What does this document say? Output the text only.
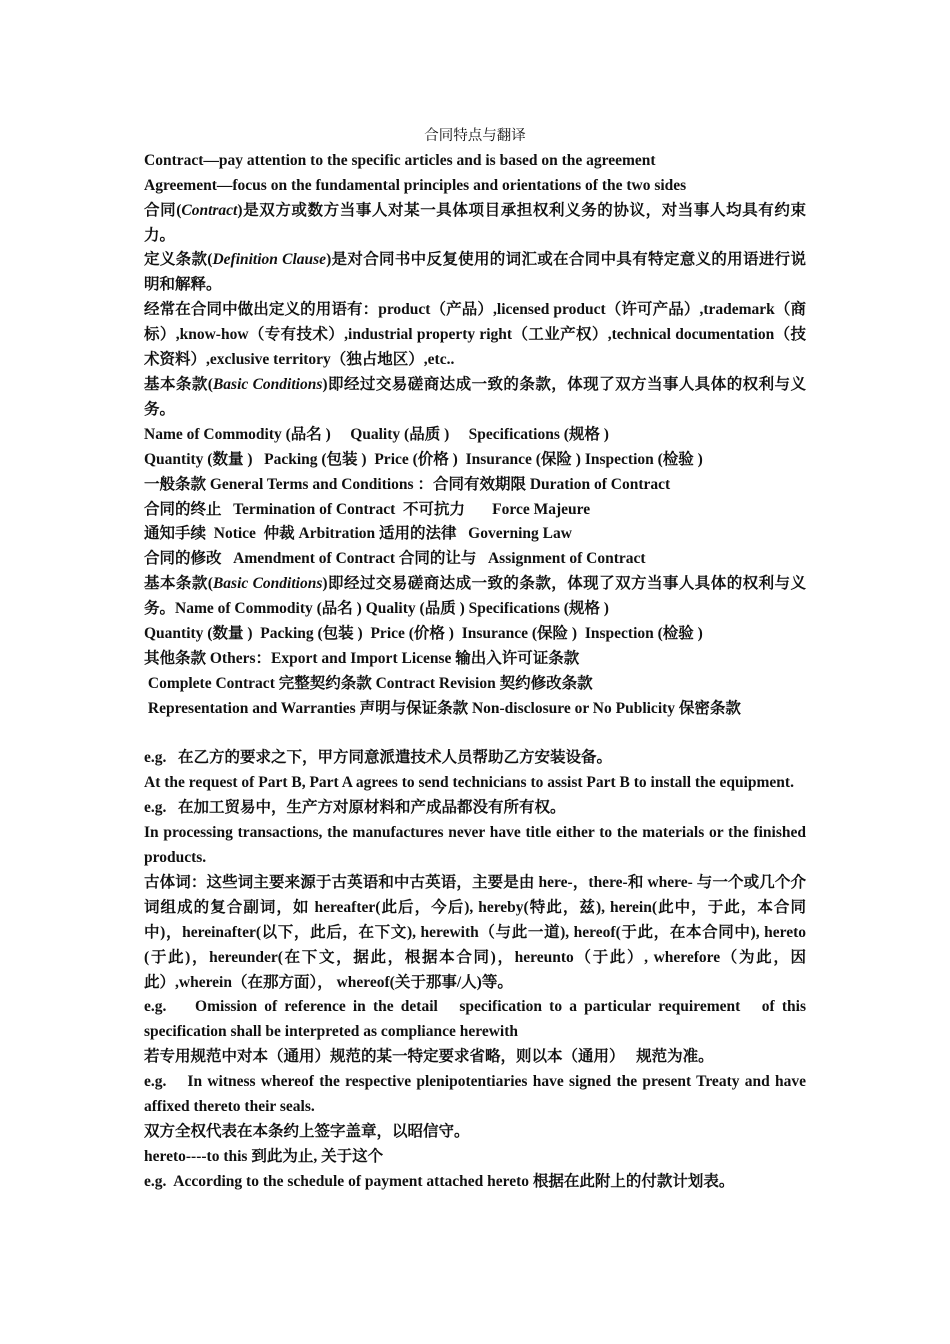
合同特点与翻译
Contract—pay attention to the specific articles and is based on the agreement
Agreement—focus on the fundamental principles and orientations of the two sides
合同(Contract)是双方或数方当事人对某一具体项目承担权利义务的协议，对当事人均具有约束力。
定义条款(Definition Clause)是对合同书中反复使用的词汇或在合同中具有特定意义的用语进行说明和解释。
经常在合同中做出定义的用语有：product（产品）,licensed product（许可产品）,trademark（商标）,know-how（专有技术）,industrial property right（工业产权）,technical documentation（技术资料）,exclusive territory（独占地区）,etc..
基本条款(Basic Conditions)即经过交易磋商达成一致的条款，体现了双方当事人具体的权利与义务。
Name of Commodity (品名 )     Quality (品质 )     Specifications (规格 )
Quantity (数量 )   Packing (包装 )  Price (价格 )  Insurance (保险 ) Inspection (检验 )
一般条款 General Terms and Conditions ：合同有效期限 Duration of Contract
合同的终止   Termination of Contract  不可抗力       Force Majeure
通知手续  Notice  仲裁 Arbitration 适用的法律   Governing Law
合同的修改   Amendment of Contract 合同的让与   Assignment of Contract
基本条款(Basic Conditions)即经过交易磋商达成一致的条款，体现了双方当事人具体的权利与义务。Name of Commodity (品名 ) Quality (品质 ) Specifications (规格 )
Quantity (数量 )  Packing (包装 )  Price (价格 )  Insurance (保险 )  Inspection (检验 )
其他条款 Others：Export and Import License 输出入许可证条款
Complete Contract 完整契约条款 Contract Revision 契约修改条款
Representation and Warranties 声明与保证条款 Non-disclosure or No Publicity 保密条款
e.g.   在乙方的要求之下，甲方同意派遣技术人员帮助乙方安装设备。
At the request of Part B, Part A agrees to send technicians to assist Part B to install the equipment.
e.g.   在加工贸易中，生产方对原材料和产成品都没有所有权。
In processing transactions, the manufactures never have title either to the materials or the finished products.
古体词：这些词主要来源于古英语和中古英语，主要是由 here-，there-和 where- 与一个或几个介词组成的复合副词，如 hereafter(此后，今后), hereby(特此，兹), herein(此中，于此，本合同中)，hereinafter(以下，此后，在下文), herewith（与此一道), hereof(于此，在本合同中), hereto (于此)，hereunder(在下文，据此，根据本合同)，hereunto（于此）, wherefore（为此，因此）,wherein（在那方面）， whereof(关于那事/人)等。
e.g.    Omission of reference in the detail   specification to a particular requirement   of this specification shall be interpreted as compliance herewith
若专用规范中对本（通用）规范的某一特定要求省略，则以本（通用）   规范为准。
e.g.    In witness whereof the respective plenipotentiaries have signed the present Treaty and have affixed thereto their seals.
双方全权代表在本条约上签字盖章，以昭信守。
hereto----to this 到此为止, 关于这个
e.g.  According to the schedule of payment attached hereto 根据在此附上的付款计划表。
